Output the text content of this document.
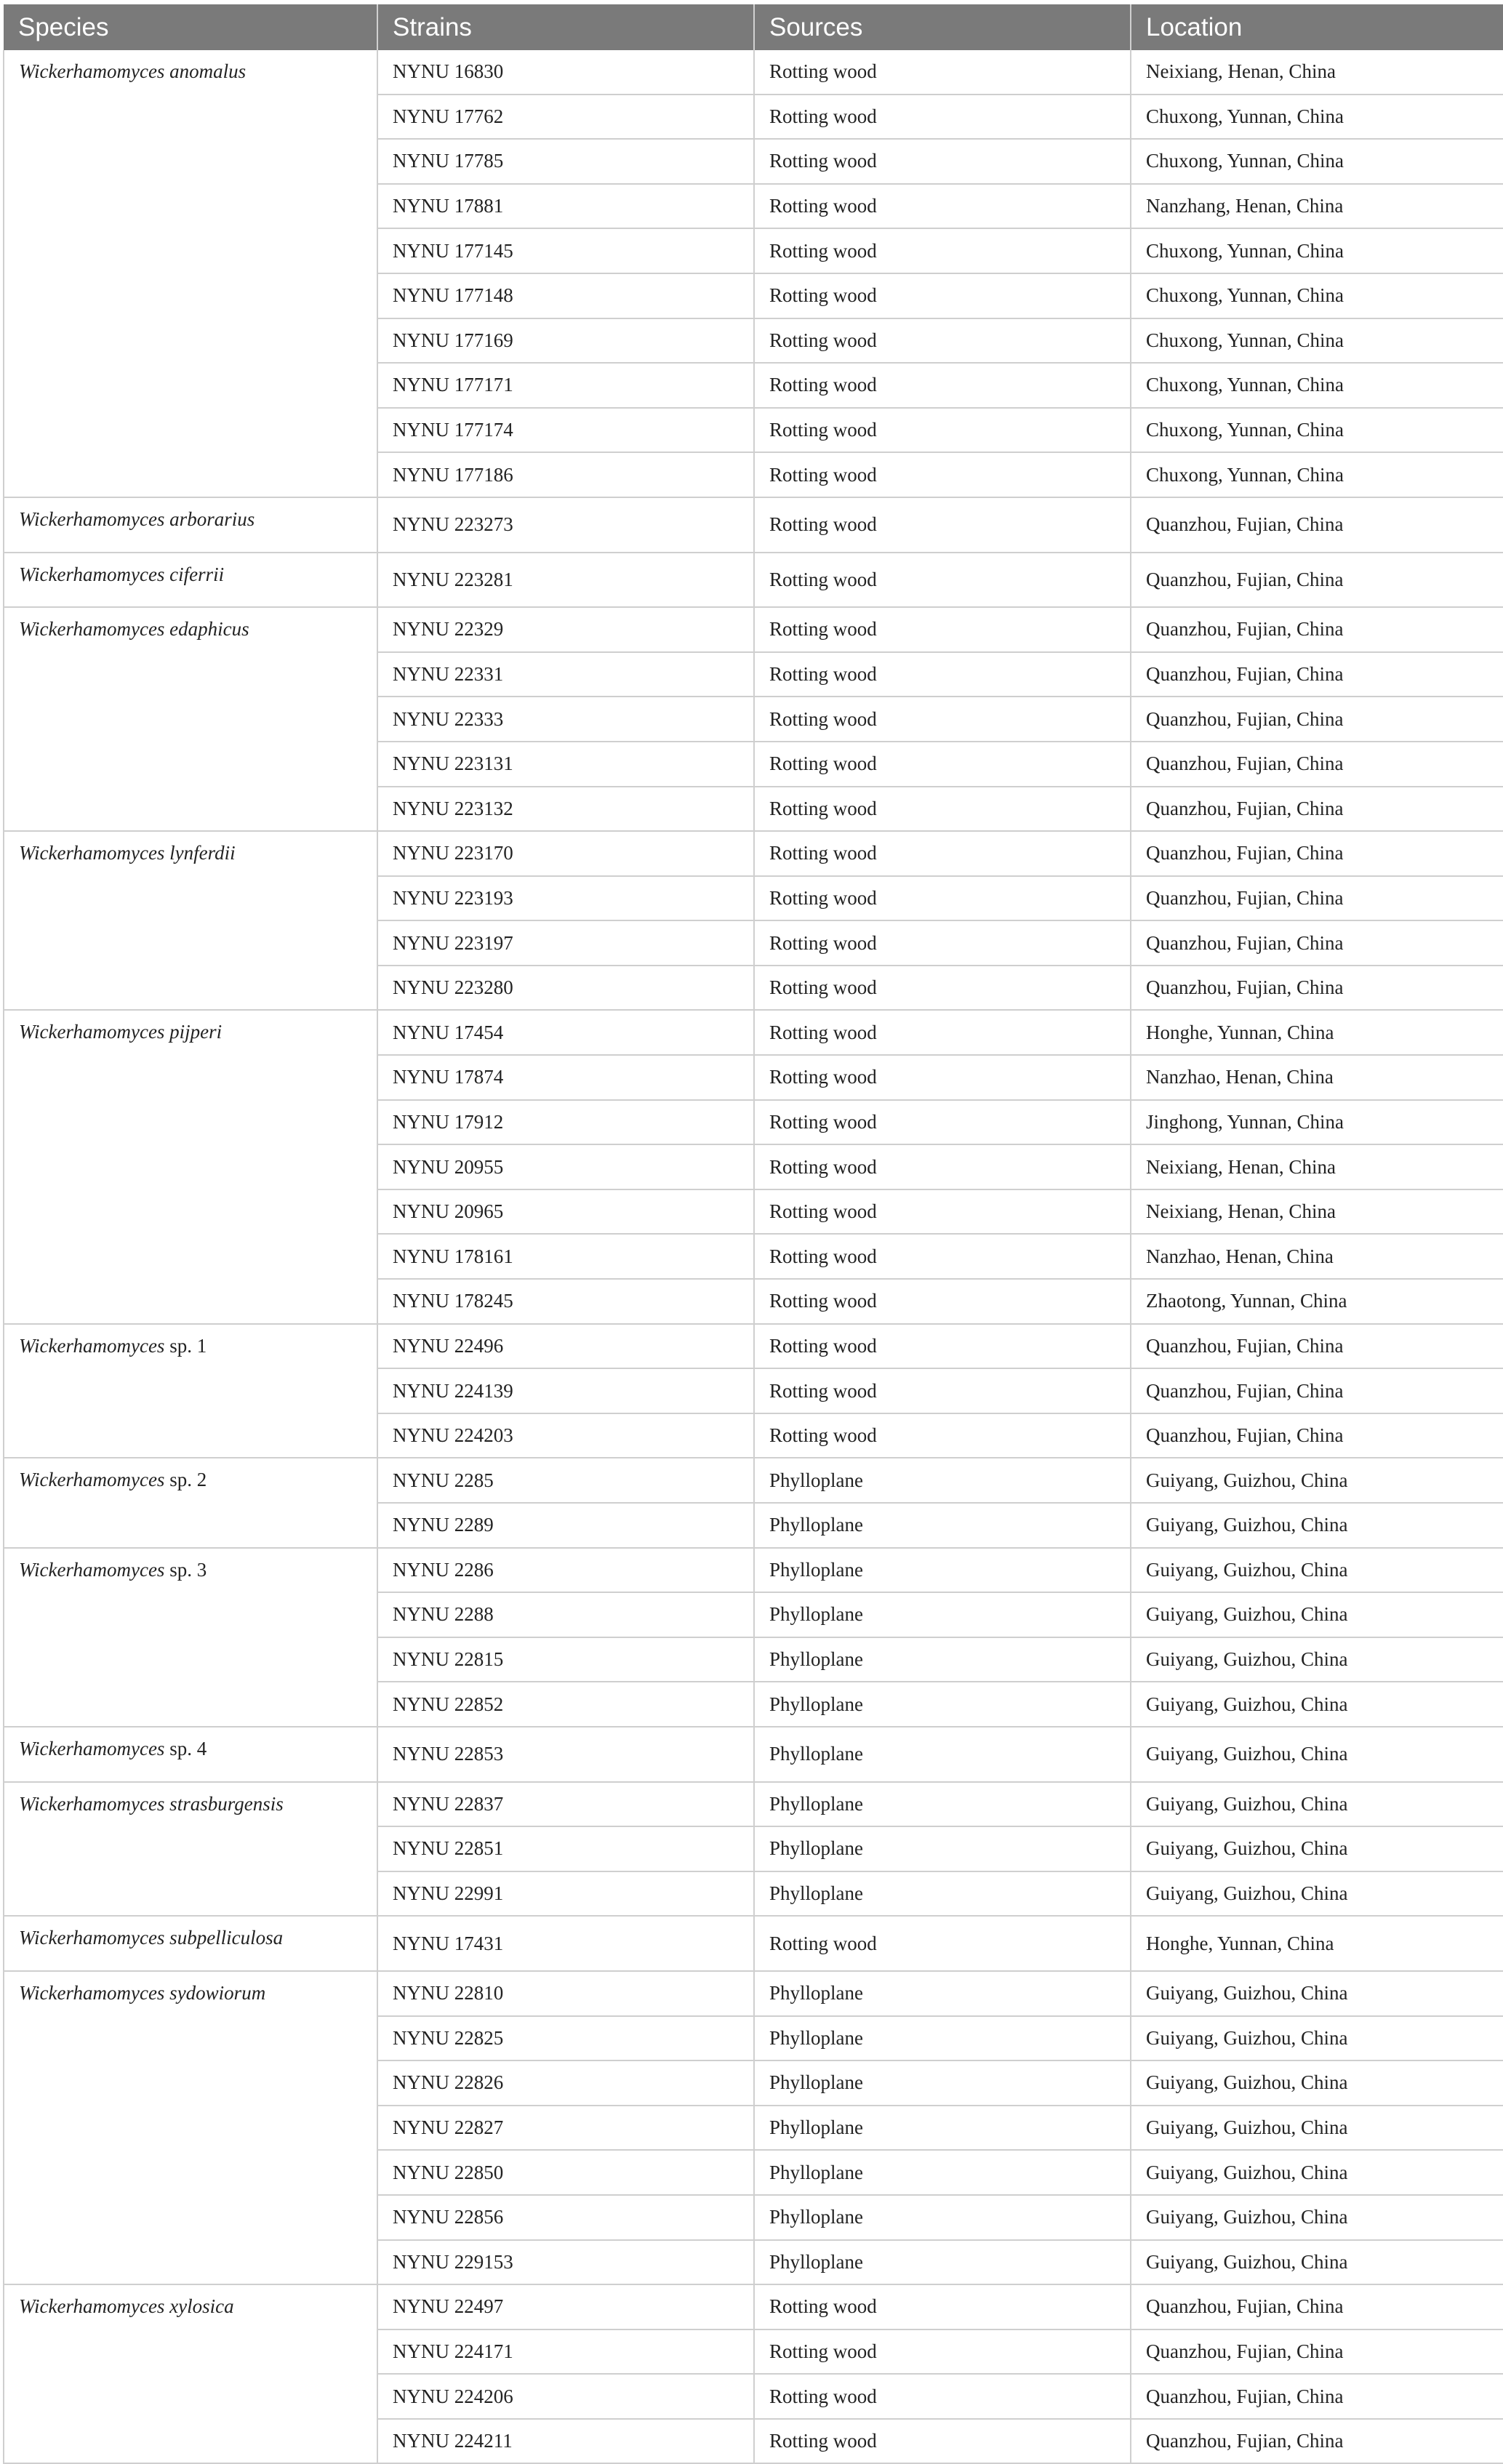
Species	Strains	Sources	Location
Wickerhamomyces anomalus	NYNU 16830	Rotting wood	Neixiang, Henan, China
	NYNU 17762	Rotting wood	Chuxong, Yunnan, China
	NYNU 17785	Rotting wood	Chuxong, Yunnan, China
	NYNU 17881	Rotting wood	Nanzhang, Henan, China
	NYNU 177145	Rotting wood	Chuxong, Yunnan, China
	NYNU 177148	Rotting wood	Chuxong, Yunnan, China
	NYNU 177169	Rotting wood	Chuxong, Yunnan, China
	NYNU 177171	Rotting wood	Chuxong, Yunnan, China
	NYNU 177174	Rotting wood	Chuxong, Yunnan, China
	NYNU 177186	Rotting wood	Chuxong, Yunnan, China
Wickerhamomyces arborarius	NYNU 223273	Rotting wood	Quanzhou, Fujian, China
Wickerhamomyces ciferrii	NYNU 223281	Rotting wood	Quanzhou, Fujian, China
Wickerhamomyces edaphicus	NYNU 22329	Rotting wood	Quanzhou, Fujian, China
	NYNU 22331	Rotting wood	Quanzhou, Fujian, China
	NYNU 22333	Rotting wood	Quanzhou, Fujian, China
	NYNU 223131	Rotting wood	Quanzhou, Fujian, China
	NYNU 223132	Rotting wood	Quanzhou, Fujian, China
Wickerhamomyces lynferdii	NYNU 223170	Rotting wood	Quanzhou, Fujian, China
	NYNU 223193	Rotting wood	Quanzhou, Fujian, China
	NYNU 223197	Rotting wood	Quanzhou, Fujian, China
	NYNU 223280	Rotting wood	Quanzhou, Fujian, China
Wickerhamomyces pijperi	NYNU 17454	Rotting wood	Honghe, Yunnan, China
	NYNU 17874	Rotting wood	Nanzhao, Henan, China
	NYNU 17912	Rotting wood	Jinghong, Yunnan, China
	NYNU 20955	Rotting wood	Neixiang, Henan, China
	NYNU 20965	Rotting wood	Neixiang, Henan, China
	NYNU 178161	Rotting wood	Nanzhao, Henan, China
	NYNU 178245	Rotting wood	Zhaotong, Yunnan, China
Wickerhamomyces sp. 1	NYNU 22496	Rotting wood	Quanzhou, Fujian, China
	NYNU 224139	Rotting wood	Quanzhou, Fujian, China
	NYNU 224203	Rotting wood	Quanzhou, Fujian, China
Wickerhamomyces sp. 2	NYNU 2285	Phylloplane	Guiyang, Guizhou, China
	NYNU 2289	Phylloplane	Guiyang, Guizhou, China
Wickerhamomyces sp. 3	NYNU 2286	Phylloplane	Guiyang, Guizhou, China
	NYNU 2288	Phylloplane	Guiyang, Guizhou, China
	NYNU 22815	Phylloplane	Guiyang, Guizhou, China
	NYNU 22852	Phylloplane	Guiyang, Guizhou, China
Wickerhamomyces sp. 4	NYNU 22853	Phylloplane	Guiyang, Guizhou, China
Wickerhamomyces strasburgensis	NYNU 22837	Phylloplane	Guiyang, Guizhou, China
	NYNU 22851	Phylloplane	Guiyang, Guizhou, China
	NYNU 22991	Phylloplane	Guiyang, Guizhou, China
Wickerhamomyces subpelliculosa	NYNU 17431	Rotting wood	Honghe, Yunnan, China
Wickerhamomyces sydowiorum	NYNU 22810	Phylloplane	Guiyang, Guizhou, China
	NYNU 22825	Phylloplane	Guiyang, Guizhou, China
	NYNU 22826	Phylloplane	Guiyang, Guizhou, China
	NYNU 22827	Phylloplane	Guiyang, Guizhou, China
	NYNU 22850	Phylloplane	Guiyang, Guizhou, China
	NYNU 22856	Phylloplane	Guiyang, Guizhou, China
	NYNU 229153	Phylloplane	Guiyang, Guizhou, China
Wickerhamomyces xylosica	NYNU 22497	Rotting wood	Quanzhou, Fujian, China
	NYNU 224171	Rotting wood	Quanzhou, Fujian, China
	NYNU 224206	Rotting wood	Quanzhou, Fujian, China
	NYNU 224211	Rotting wood	Quanzhou, Fujian, China
